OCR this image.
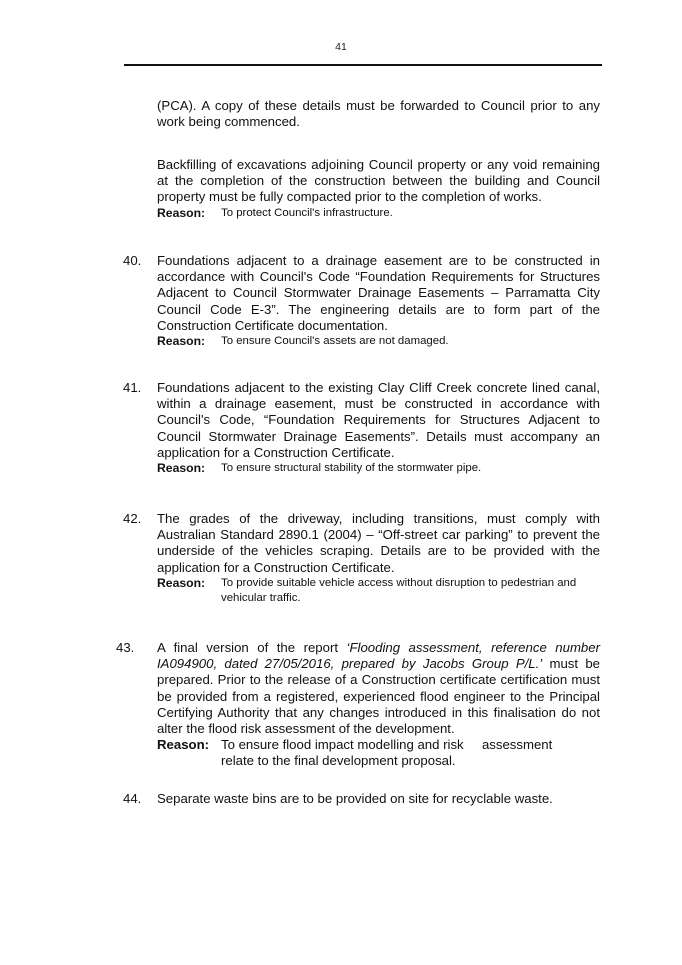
41
(PCA). A copy of these details must be forwarded to Council prior to any work being commenced.
Backfilling of excavations adjoining Council property or any void remaining at the completion of the construction between the building and Council property must be fully compacted prior to the completion of works.
Reason:	To protect Council's infrastructure.
40. Foundations adjacent to a drainage easement are to be constructed in accordance with Council's Code “Foundation Requirements for Structures Adjacent to Council Stormwater Drainage Easements – Parramatta City Council Code E-3”. The engineering details are to form part of the Construction Certificate documentation.
Reason:	To ensure Council's assets are not damaged.
41. Foundations adjacent to the existing Clay Cliff Creek concrete lined canal, within a drainage easement, must be constructed in accordance with Council's Code, “Foundation Requirements for Structures Adjacent to Council Stormwater Drainage Easements”. Details must accompany an application for a Construction Certificate.
Reason:	To ensure structural stability of the stormwater pipe.
42. The grades of the driveway, including transitions, must comply with Australian Standard 2890.1 (2004) – “Off-street car parking” to prevent the underside of the vehicles scraping. Details are to be provided with the application for a Construction Certificate.
Reason:	To provide suitable vehicle access without disruption to pedestrian and vehicular traffic.
43. A final version of the report ‘Flooding assessment, reference number IA094900, dated 27/05/2016, prepared by Jacobs Group P/L.’ must be prepared. Prior to the release of a Construction certificate certification must be provided from a registered, experienced flood engineer to the Principal Certifying Authority that any changes introduced in this finalisation do not alter the flood risk assessment of the development.
Reason: To ensure flood impact modelling and risk     assessment relate to the final development proposal.
44. Separate waste bins are to be provided on site for recyclable waste.
